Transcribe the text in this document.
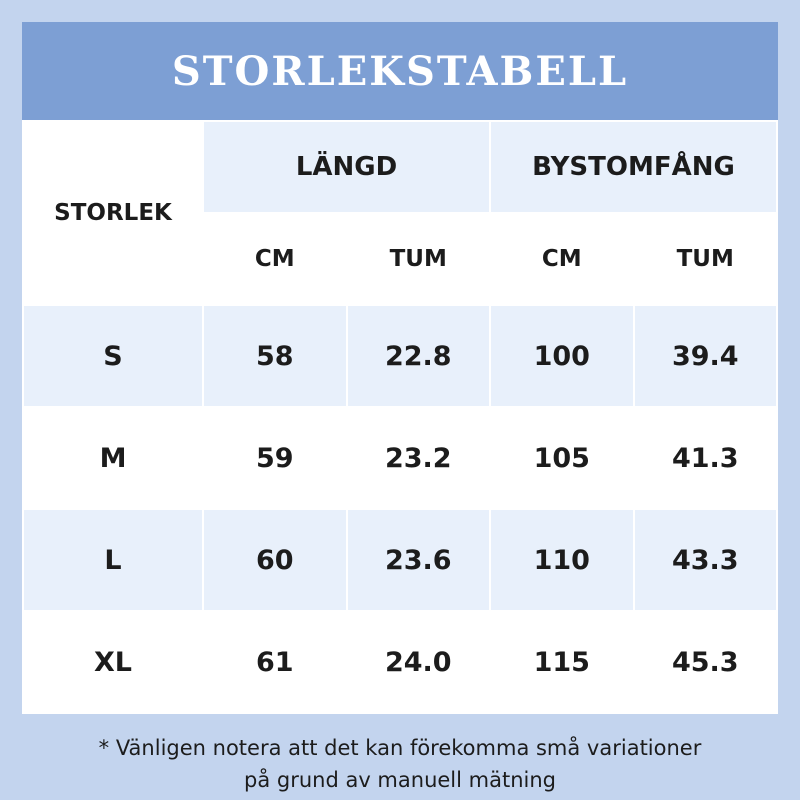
STORLEKSTABELL
STORLEK	LÄNGD		BYSTOMFÅNG	
	CM	TUM	CM	TUM
S	58	22.8	100	39.4
M	59	23.2	105	41.3
L	60	23.6	110	43.3
XL	61	24.0	115	45.3
* Vänligen notera att det kan förekomma små variationer
på grund av manuell mätning
